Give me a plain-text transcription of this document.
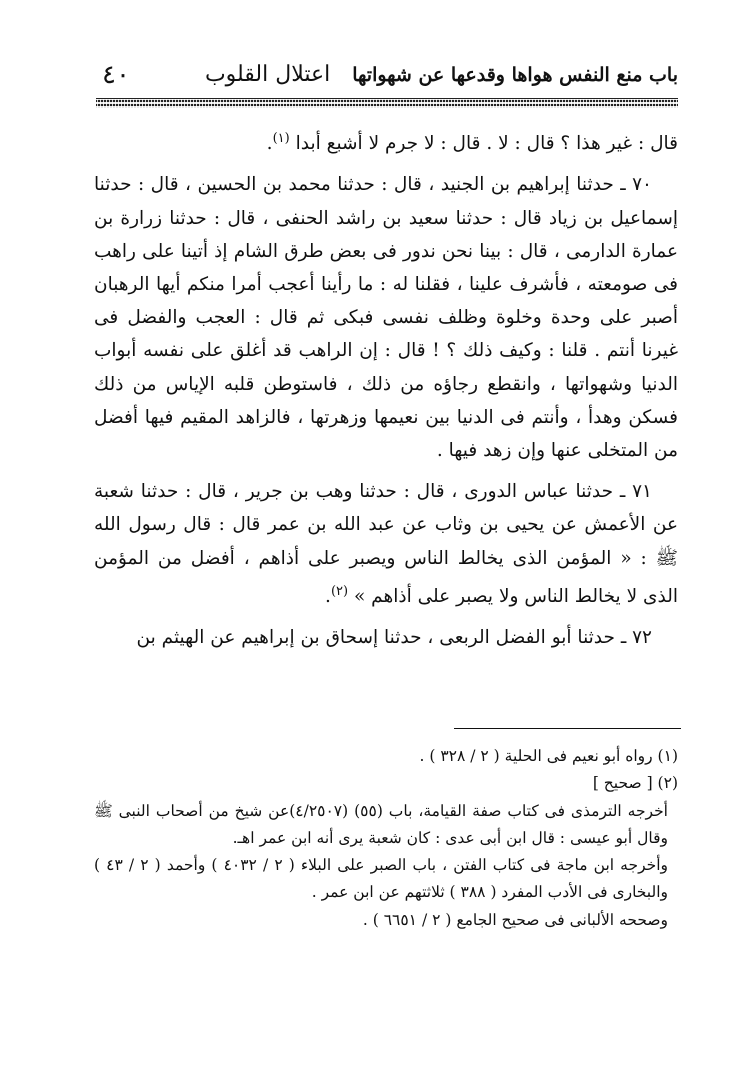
باب منع النفس هواها وقدعها عن شهواتها
اعتلال القلوب
٤٠

قال : غير هذا ؟ قال : لا . قال : لا جرم لا أشبع أبدا $^{(١)}$.

٧٠ ـ حدثنا إبراهيم بن الجنيد ، قال : حدثنا محمد بن الحسين ، قال : حدثنا إسماعيل بن زياد قال : حدثنا سعيد بن راشد الحنفى ، قال : حدثنا زرارة بن عمارة الدارمى ، قال : بينا نحن ندور فى بعض طرق الشام إذ أتينا على راهب فى صومعته ، فأشرف علينا ، فقلنا له : ما رأينا أعجب أمرا منكم أيها الرهبان أصبر على وحدة وخلوة وظلف نفسى فبكى ثم قال : العجب والفضل فى غيرنا أنتم . قلنا : وكيف ذلك ؟ ! قال : إن الراهب قد أغلق على نفسه أبواب الدنيا وشهواتها ، وانقطع رجاؤه من ذلك ، فاستوطن قلبه الإياس من ذلك فسكن وهدأ ، وأنتم فى الدنيا بين نعيمها وزهرتها ، فالزاهد المقيم فيها أفضل من المتخلى عنها وإن زهد فيها .

٧١ ـ حدثنا عباس الدورى ، قال : حدثنا وهب بن جرير ، قال : حدثنا شعبة عن الأعمش عن يحيى بن وثاب عن عبد الله بن عمر قال : قال رسول الله ﷺ : « المؤمن الذى يخالط الناس ويصبر على أذاهم ، أفضل من المؤمن الذى لا يخالط الناس ولا يصبر على أذاهم » $^{(٢)}$.

٧٢ ـ حدثنا أبو الفضل الربعى ، حدثنا إسحاق بن إبراهيم عن الهيثم بن

(١) رواه أبو نعيم فى الحلية ( ٢ / ٣٢٨ ) .
(٢) [ صحيح ]
أخرجه الترمذى فى كتاب صفة القيامة، باب (٥٥) (٤/٢٥٠٧)عن شيخ من أصحاب النبى ﷺ وقال أبو عيسى : قال ابن أبى عدى : كان شعبة يرى أنه ابن عمر اهـ.
وأخرجه ابن ماجة فى كتاب الفتن ، باب الصبر على البلاء ( ٢ / ٤٠٣٢ ) وأحمد ( ٢ / ٤٣ ) والبخارى فى الأدب المفرد ( ٣٨٨ ) ثلاثتهم عن ابن عمر .
وصححه الألبانى فى صحيح الجامع ( ٢ / ٦٦٥١ ) .
